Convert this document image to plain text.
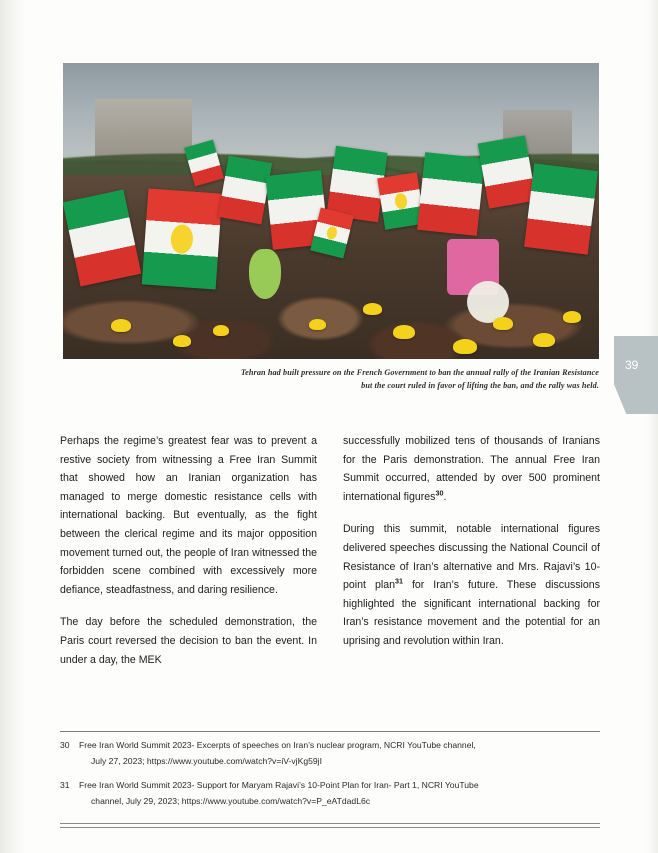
Tehran had built pressure on the French Government to ban the annual rally of the Iranian Resistance
but the court ruled in favor of lifting the ban, and the rally was held.
39

Perhaps the regime’s greatest fear was to prevent a restive society from witnessing a Free Iran Summit that showed how an Iranian organization has managed to merge domestic resistance cells with international backing. But eventually, as the fight between the clerical regime and its major opposition movement turned out, the people of Iran witnessed the forbidden scene combined with excessively more defiance, steadfastness, and daring resilience.

The day before the scheduled demonstration, the Paris court reversed the decision to ban the event. In under a day, the MEK

successfully mobilized tens of thousands of Iranians for the Paris demonstration. The annual Free Iran Summit occurred, attended by over 500 prominent international figures$^{30}$.

During this summit, notable international figures delivered speeches discussing the National Council of Resistance of Iran’s alternative and Mrs. Rajavi’s 10-point plan$^{31}$ for Iran’s future. These discussions highlighted the significant international backing for Iran’s resistance movement and the potential for an uprising and revolution within Iran.

30 Free Iran World Summit 2023- Excerpts of speeches on Iran’s nuclear program, NCRI YouTube channel,
July 27, 2023; https://www.youtube.com/watch?v=iV-vjKg59jI
31 Free Iran World Summit 2023- Support for Maryam Rajavi’s 10-Point Plan for Iran- Part 1, NCRI YouTube
channel, July 29, 2023; https://www.youtube.com/watch?v=P_eATdadL6c
